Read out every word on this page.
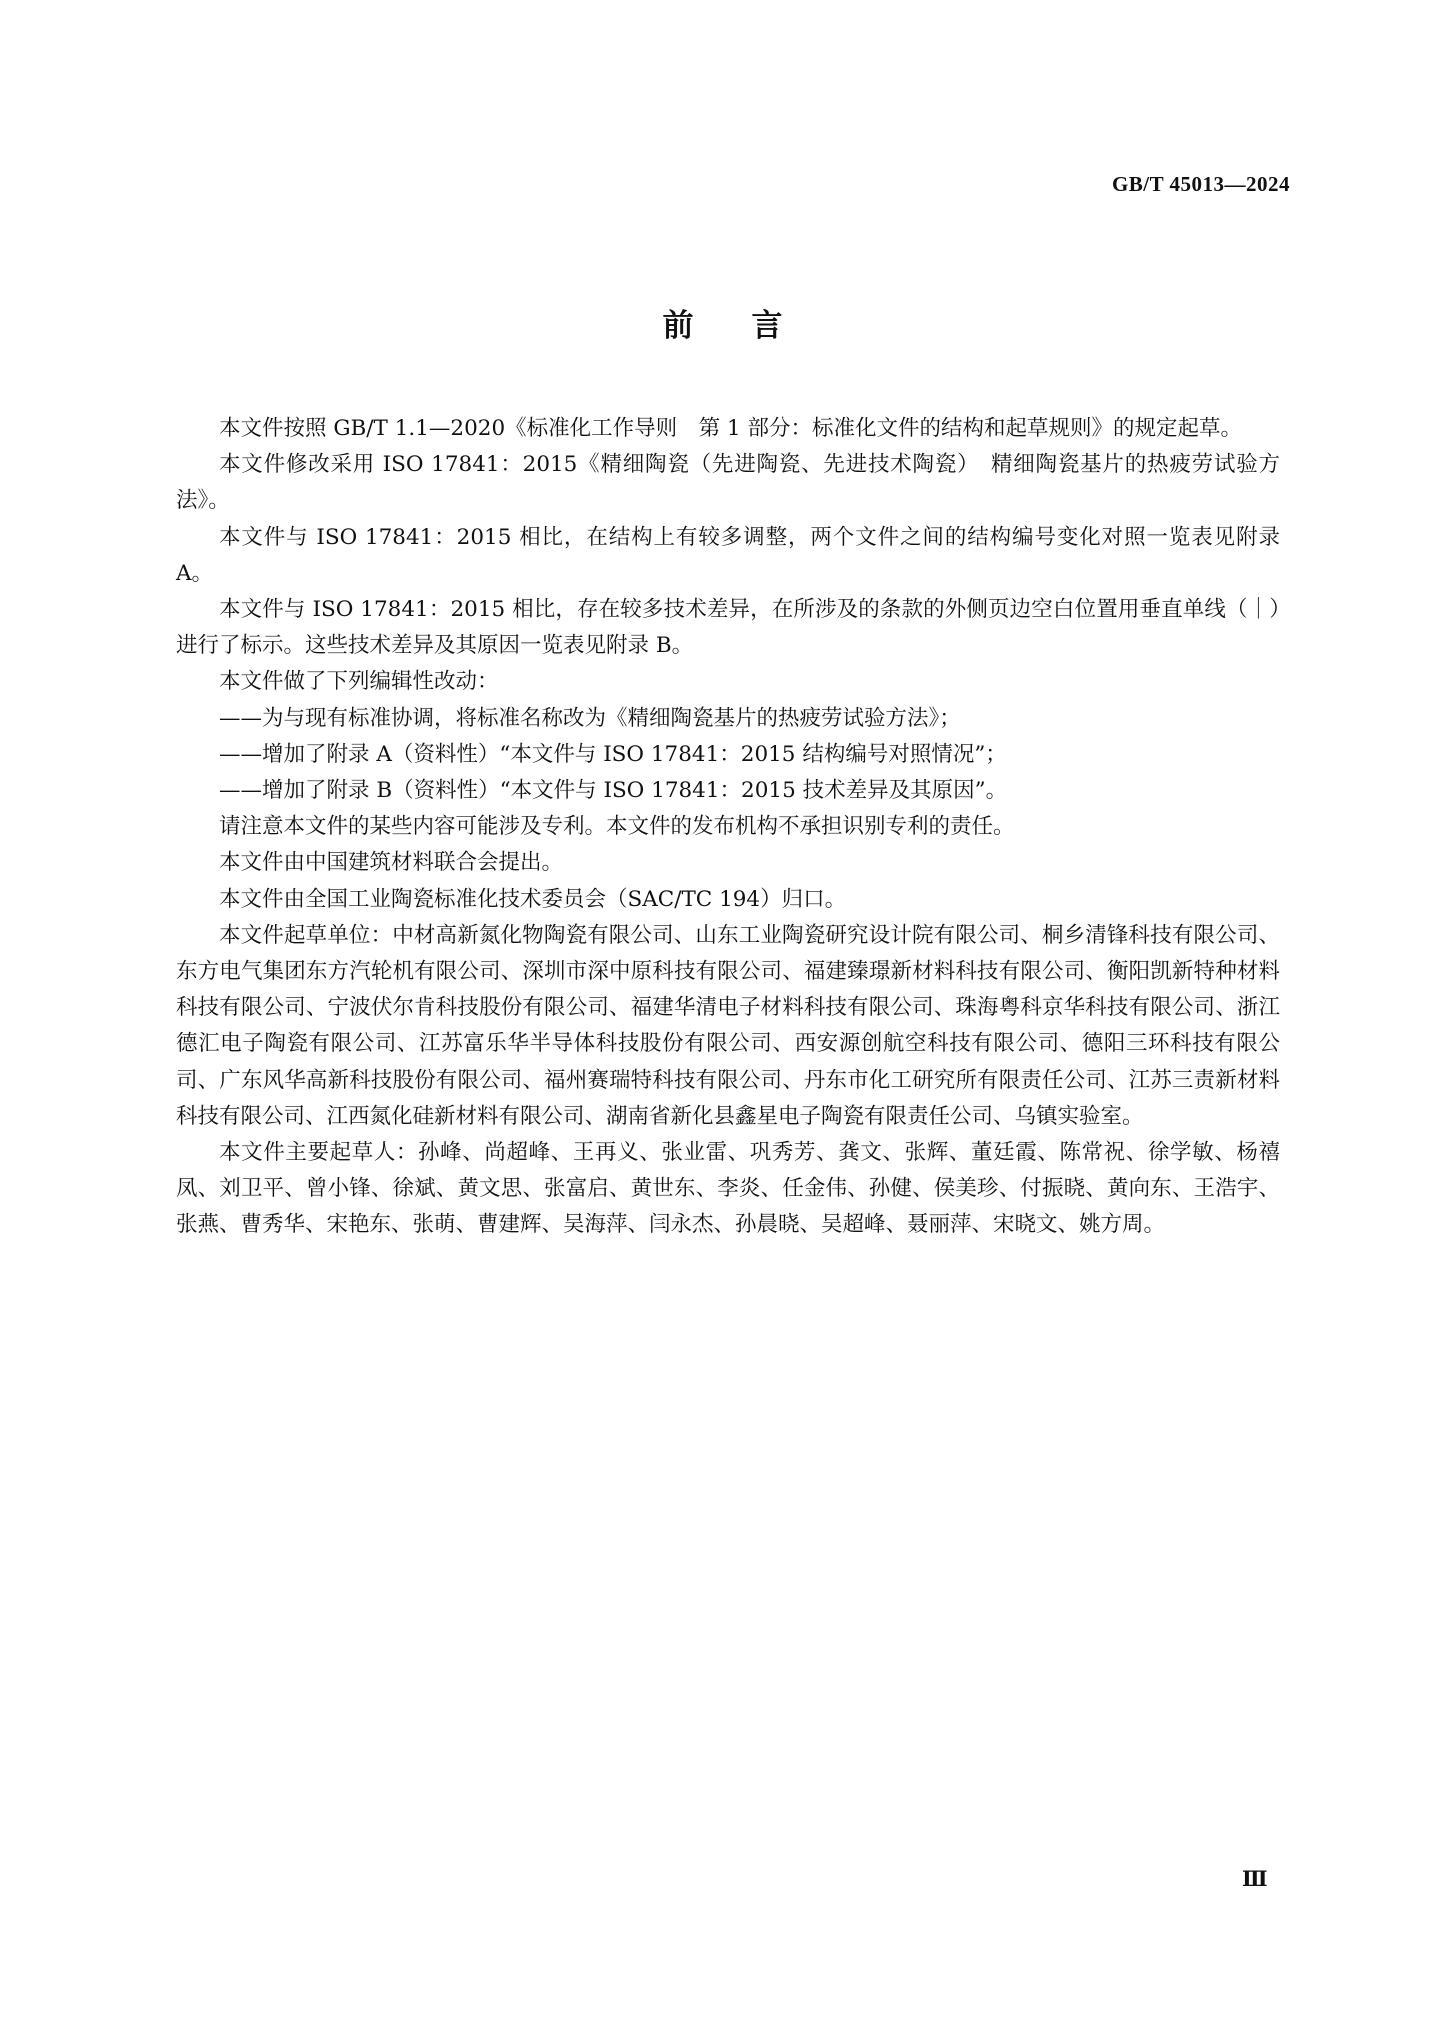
GB/T 45013—2024
前言

本文件按照 GB/T 1.1—2020《标准化工作导则　第 1 部分：标准化文件的结构和起草规则》的规定起草。

本文件修改采用 ISO 17841：2015《精细陶瓷（先进陶瓷、先进技术陶瓷）　精细陶瓷基片的热疲劳试验方法》。

本文件与 ISO 17841：2015 相比，在结构上有较多调整，两个文件之间的结构编号变化对照一览表见附录 A。

本文件与 ISO 17841：2015 相比，存在较多技术差异，在所涉及的条款的外侧页边空白位置用垂直单线（｜）进行了标示。这些技术差异及其原因一览表见附录 B。

本文件做了下列编辑性改动：

——为与现有标准协调，将标准名称改为《精细陶瓷基片的热疲劳试验方法》；

——增加了附录 A（资料性）“本文件与 ISO 17841：2015 结构编号对照情况”；

——增加了附录 B（资料性）“本文件与 ISO 17841：2015 技术差异及其原因”。

请注意本文件的某些内容可能涉及专利。本文件的发布机构不承担识别专利的责任。

本文件由中国建筑材料联合会提出。

本文件由全国工业陶瓷标准化技术委员会（SAC/TC 194）归口。

本文件起草单位：中材高新氮化物陶瓷有限公司、山东工业陶瓷研究设计院有限公司、桐乡清锋科技有限公司、东方电气集团东方汽轮机有限公司、深圳市深中原科技有限公司、福建臻璟新材料科技有限公司、衡阳凯新特种材料科技有限公司、宁波伏尔肯科技股份有限公司、福建华清电子材料科技有限公司、珠海粤科京华科技有限公司、浙江德汇电子陶瓷有限公司、江苏富乐华半导体科技股份有限公司、西安源创航空科技有限公司、德阳三环科技有限公司、广东风华高新科技股份有限公司、福州赛瑞特科技有限公司、丹东市化工研究所有限责任公司、江苏三责新材料科技有限公司、江西氮化硅新材料有限公司、湖南省新化县鑫星电子陶瓷有限责任公司、乌镇实验室。

本文件主要起草人：孙峰、尚超峰、王再义、张业雷、巩秀芳、龚文、张辉、董廷霞、陈常祝、徐学敏、杨禧凤、刘卫平、曾小锋、徐斌、黄文思、张富启、黄世东、李炎、任金伟、孙健、侯美珍、付振晓、黄向东、王浩宇、张燕、曹秀华、宋艳东、张萌、曹建辉、吴海萍、闫永杰、孙晨晓、吴超峰、聂丽萍、宋晓文、姚方周。

Ⅲ
